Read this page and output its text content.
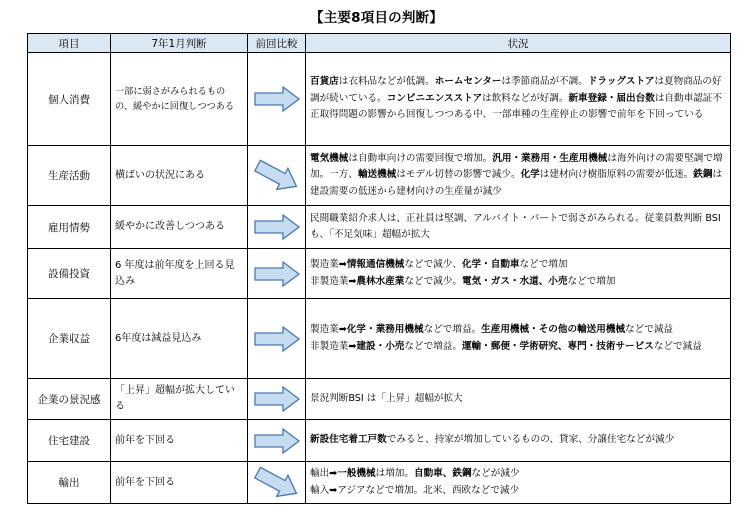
【主要8項目の判断】
項目	7年1月判断	前回比較	状況
個人消費	一部に弱さがみられるものの、緩やかに回復しつつある		百貨店は衣料品などが低調。ホームセンターは季節商品が不調。ドラッグストアは夏物商品の好調が続いている。コンビニエンスストアは飲料などが好調。新車登録・届出台数は自動車認証不正取得問題の影響から回復しつつある中、一部車種の生産停止の影響で前年を下回っている
生産活動	横ばいの状況にある		電気機械は自動車向けの需要回復で増加。汎用・業務用・生産用機械は海外向けの需要堅調で増加。一方、輸送機械はモデル切替の影響で減少。化学は建材向け樹脂原料の需要が低迷。鉄鋼は建設需要の低迷から建材向けの生産量が減少
雇用情勢	緩やかに改善しつつある		民間職業紹介求人は、正社員は堅調、アルバイト・パートで弱さがみられる。従業員数判断 BSIも、「不足気味」超幅が拡大
設備投資	6 年度は前年度を上回る見込み		製造業➡情報通信機械などで減少、化学・自動車などで増加
非製造業➡農林水産業などで減少。電気・ガス・水道、小売などで増加
企業収益	6年度は減益見込み		製造業➡化学・業務用機械などで増益。生産用機械・その他の輸送用機械などで減益
非製造業➡建設・小売などで増益。運輸・郵便・学術研究、専門・技術サービスなどで減益
企業の景況感	「上昇」超幅が拡大している		景況判断BSI は「上昇」超幅が拡大
住宅建設	前年を下回る		新設住宅着工戸数でみると、持家が増加しているものの、貸家、分譲住宅などが減少
輸出	前年を下回る		輸出➡一般機械は増加。自動車、鉄鋼などが減少
輸入➡アジアなどで増加。北米、西欧などで減少
